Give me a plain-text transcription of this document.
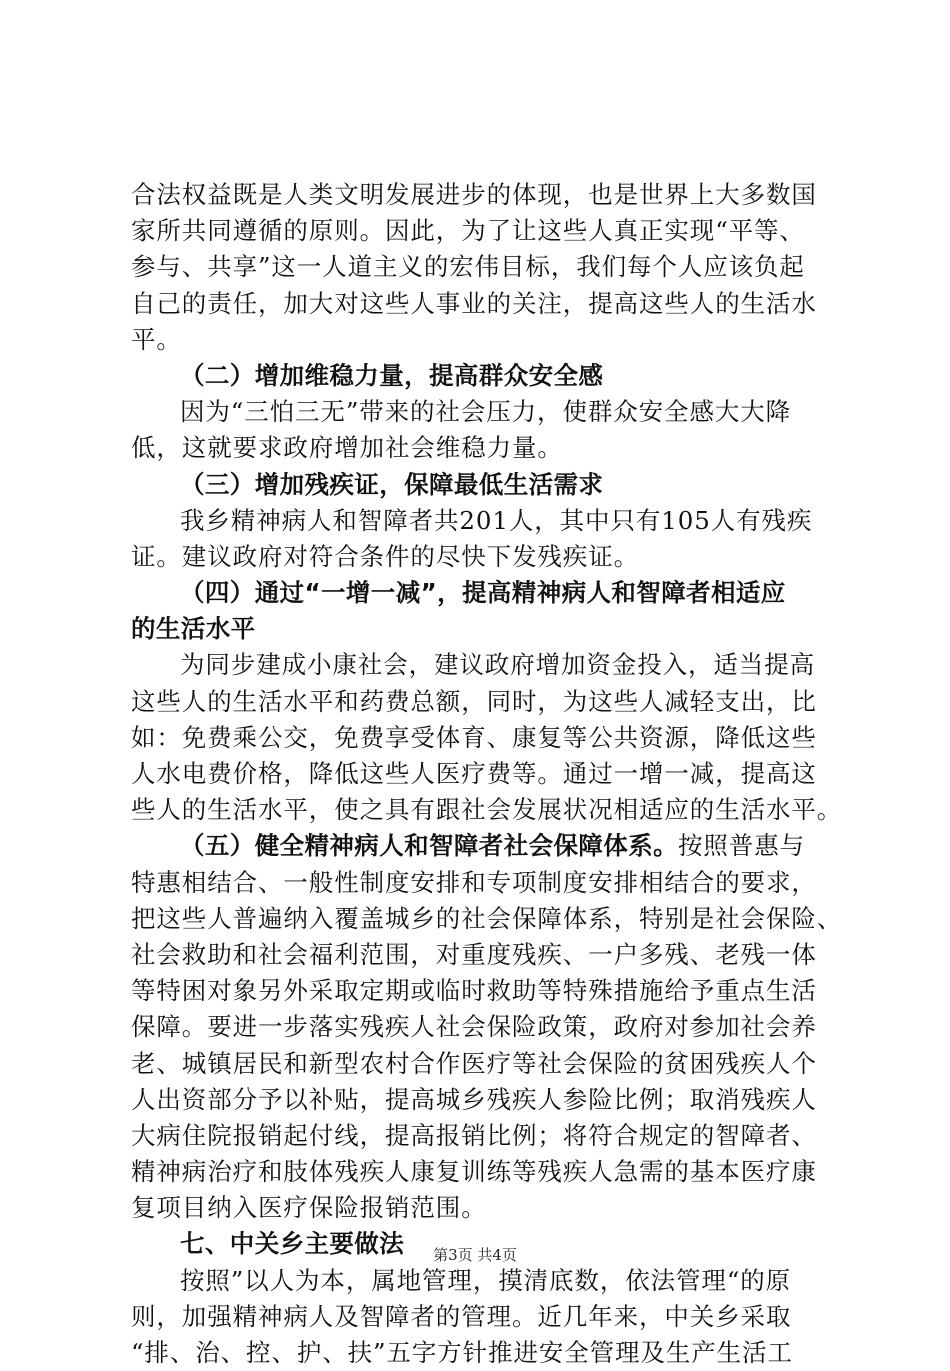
合法权益既是人类文明发展进步的体现，也是世界上大多数国
家所共同遵循的原则。因此，为了让这些人真正实现“平等、
参与、共享”这一人道主义的宏伟目标，我们每个人应该负起
自己的责任，加大对这些人事业的关注，提高这些人的生活水
平。
（二）增加维稳力量，提高群众安全感
因为“三怕三无”带来的社会压力，使群众安全感大大降
低，这就要求政府增加社会维稳力量。
（三）增加残疾证，保障最低生活需求
我乡精神病人和智障者共201人，其中只有105人有残疾
证。建议政府对符合条件的尽快下发残疾证。
（四）通过“一增一减”，提高精神病人和智障者相适应
的生活水平
为同步建成小康社会，建议政府增加资金投入，适当提高
这些人的生活水平和药费总额，同时，为这些人减轻支出，比
如：免费乘公交，免费享受体育、康复等公共资源，降低这些
人水电费价格，降低这些人医疗费等。通过一增一减，提高这
些人的生活水平，使之具有跟社会发展状况相适应的生活水平。
（五）健全精神病人和智障者社会保障体系。按照普惠与
特惠相结合、一般性制度安排和专项制度安排相结合的要求，
把这些人普遍纳入覆盖城乡的社会保障体系，特别是社会保险、
社会救助和社会福利范围，对重度残疾、一户多残、老残一体
等特困对象另外采取定期或临时救助等特殊措施给予重点生活
保障。要进一步落实残疾人社会保险政策，政府对参加社会养
老、城镇居民和新型农村合作医疗等社会保险的贫困残疾人个
人出资部分予以补贴，提高城乡残疾人参险比例；取消残疾人
大病住院报销起付线，提高报销比例；将符合规定的智障者、
精神病治疗和肢体残疾人康复训练等残疾人急需的基本医疗康
复项目纳入医疗保险报销范围。
七、中关乡主要做法
按照”以人为本，属地管理，摸清底数，依法管理“的原
则，加强精神病人及智障者的管理。近几年来，中关乡采取
“排、治、控、护、扶”五字方针推进安全管理及生产生活工
第3页 共4页
